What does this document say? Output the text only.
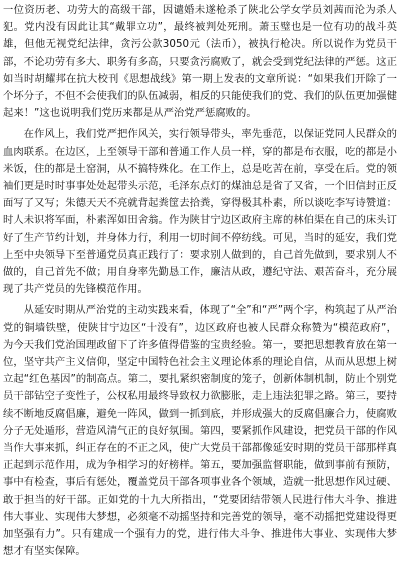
一位资历老、功劳大的高级干部，因谴婚未遂枪杀了陕北公学女学员刘茜而沦为杀人犯。党内没有因此让其“戴罪立功”，最终被判处死刑。萧玉璧也是一位有功的战斗英雄，但他无视党纪法律，贪污公款3050元（法币），被执行枪决。所以说作为党员干部，不论功劳有多大、职务有多高，只要贪污腐败了，就会受到党纪法律的严惩。这正如当时胡耀邦在抗大校刊《思想战线》第一期上发表的文章所说：“如果我们开除了一个坏分子，不但不会使我们的队伍减弱，相反的只能使我们的党、我们的队伍更加强健起来！”这也说明我们党历来都是从严治党严惩腐败的。

在作风上，我们党严把作风关，实行领导带头，率先垂范，以保证党同人民群众的血肉联系。在边区，上至领导干部和普通工作人员一样，穿的都是布衣服，吃的都是小米饭，住的都是土窑洞，从不搞特殊化。在工作上，总是吃苦在前，享受在后。党的领袖们更是时时事事处处起带头示范，毛泽东点灯的煤油总是省了又省，一个旧信封正反面写了又写；朱德天天不亮就背起粪筐去拾粪，穿得极其朴素，所以谈吃李写诗赞道：时人未识将军面，朴素浑如田舍翁。作为陕甘宁边区政府主席的林伯渠在自己的床头订好了生产节约计划，并身体力行，利用一切时间不停纺线。可见，当时的延安，我们党上至中央领导下至普通党员真正践行了：要求别人做到的，自己首先做到，要求别人不做的，自己首先不做；用自身率先勤恳工作，廉洁从政，遵纪守法、艰苦奋斗，充分展现了共产党员的先锋模范作用。

从延安时期从严治党的主动实践来看，体现了“全”和“严”两个字，构筑起了从严治党的铜墙铁壁，使陕甘宁边区“十没有”，边区政府也被人民群众称赞为“模范政府”，为今天我们党治国理政留下了许多值得借鉴的宝贵经验。第一，要把思想教育放在第一位，坚守共产主义信仰，坚定中国特色社会主义理论体系的理论自信，从而从思想上树立起“红色基因”的制高点。第二，要扎紧织密制度的笼子，创新体制机制，防止个别党员干部钻空子变性子，公权私用最终导致权力欲膨胀，走上违法犯罪之路。第三，要持续不断地反腐倡廉，避免一阵风，做到一抓到底，并形成强大的反腐倡廉合力，使腐败分子无处遁形，营造风清气正的良好氛围。第四，要紧抓作风建设，把党员干部的作风当作大事来抓，纠正存在的不正之风，使广大党员干部都像延安时期的党员干部那样真正起到示范作用，成为争相学习的好榜样。第五，要加强监督职能，做到事前有预防，事中有检查，事后有惩处，覆盖党员干部各项事业各个领域，造就一批思想作风过硬、敢于担当的好干部。正如党的十九大所指出，“党要团结带领人民进行伟大斗争、推进伟大事业、实现伟大梦想，必须毫不动摇坚持和完善党的领导，毫不动摇把党建设得更加坚强有力”。只有建成一个强有力的党，进行伟大斗争、推进伟大事业、实现伟大梦想才有坚实保障。
